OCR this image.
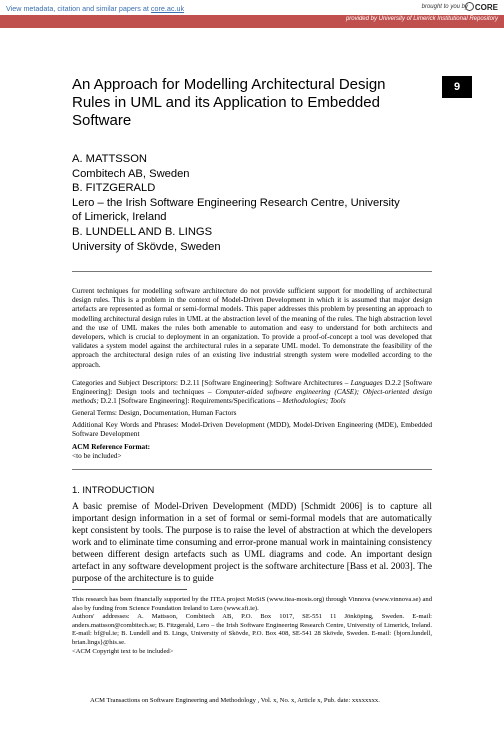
View metadata, citation and similar papers at core.ac.uk	brought to you by CORE
provided by University of Limerick Institutional Repository
9
An Approach for Modelling Architectural Design Rules in UML and its Application to Embedded Software
A. MATTSSON
Combitech AB, Sweden
B. FITZGERALD
Lero – the Irish Software Engineering Research Centre, University
of Limerick, Ireland
B. LUNDELL AND B. LINGS
University of Skövde, Sweden
Current techniques for modelling software architecture do not provide sufficient support for modelling of architectural design rules. This is a problem in the context of Model-Driven Development in which it is assumed that major design artefacts are represented as formal or semi-formal models. This paper addresses this problem by presenting an approach to modelling architectural design rules in UML at the abstraction level of the meaning of the rules. The high abstraction level and the use of UML makes the rules both amenable to automation and easy to understand for both architects and developers, which is crucial to deployment in an organization. To provide a proof-of-concept a tool was developed that validates a system model against the architectural rules in a separate UML model. To demonstrate the feasibility of the approach the architectural design rules of an existing live industrial strength system were modelled according to the approach.
Categories and Subject Descriptors: D.2.11 [Software Engineering]: Software Architectures – Languages D.2.2 [Software Engineering]: Design tools and techniques – Computer-aided software engineering (CASE); Object-oriented design methods; D.2.1 [Software Engineering]: Requirements/Specifications – Methodologies; Tools
General Terms: Design, Documentation, Human Factors
Additional Key Words and Phrases: Model-Driven Development (MDD), Model-Driven Engineering (MDE), Embedded Software Development
ACM Reference Format:
<to be included>
1. INTRODUCTION
A basic premise of Model-Driven Development (MDD) [Schmidt 2006] is to capture all important design information in a set of formal or semi-formal models that are automatically kept consistent by tools. The purpose is to raise the level of abstraction at which the developers work and to eliminate time consuming and error-prone manual work in maintaining consistency between different design artefacts such as UML diagrams and code. An important design artefact in any software development project is the software architecture [Bass et al. 2003]. The purpose of the architecture is to guide
This research has been financially supported by the ITEA project MoSiS (www.itea-mosis.org) through Vinnova (www.vinnova.se) and also by funding from Science Foundation Ireland to Lero (www.sfi.ie).
Authors' addresses: A. Mattsson, Combitech AB, P.O. Box 1017, SE-551 11 Jönköping, Sweden. E-mail: anders.mattsson@combitech.se; B. Fitzgerald, Lero – the Irish Software Engineering Research Centre, University of Limerick, Ireland. E-mail: bf@ul.ie; B. Lundell and B. Lings, University of Skövde, P.O. Box 408, SE-541 28 Skövde, Sweden. E-mail: {bjorn.lundell, brian.lings}@his.se.
<ACM Copyright text to be included>
ACM Transactions on Software Engineering and Methodology , Vol. x, No. x, Article x, Pub. date: xxxxxxxx.
